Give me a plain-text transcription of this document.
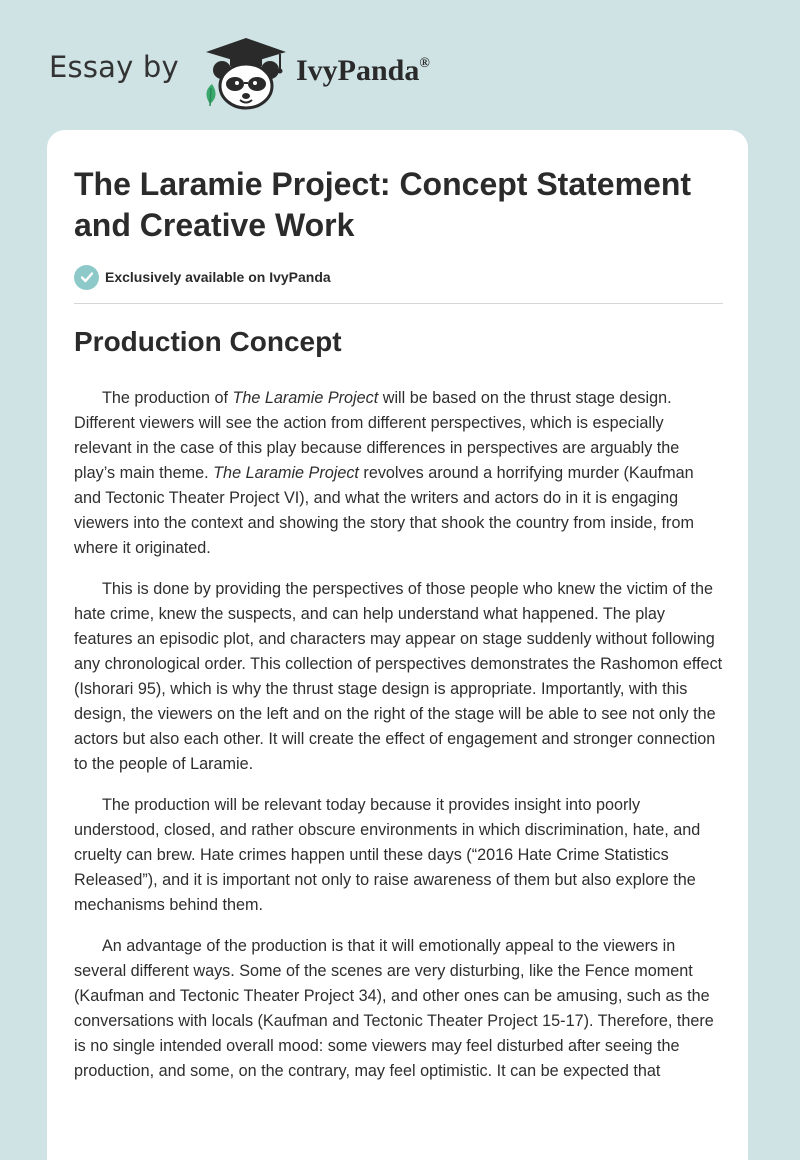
Essay by	IvyPanda®
The Laramie Project: Concept Statement and Creative Work
Exclusively available on IvyPanda
Production Concept

The production of The Laramie Project will be based on the thrust stage design. Different viewers will see the action from different perspectives, which is especially relevant in the case of this play because differences in perspectives are arguably the play’s main theme. The Laramie Project revolves around a horrifying murder (Kaufman and Tectonic Theater Project VI), and what the writers and actors do in it is engaging viewers into the context and showing the story that shook the country from inside, from where it originated.

This is done by providing the perspectives of those people who knew the victim of the hate crime, knew the suspects, and can help understand what happened. The play features an episodic plot, and characters may appear on stage suddenly without following any chronological order. This collection of perspectives demonstrates the Rashomon effect (Ishorari 95), which is why the thrust stage design is appropriate. Importantly, with this design, the viewers on the left and on the right of the stage will be able to see not only the actors but also each other. It will create the effect of engagement and stronger connection to the people of Laramie.

The production will be relevant today because it provides insight into poorly understood, closed, and rather obscure environments in which discrimination, hate, and cruelty can brew. Hate crimes happen until these days (“2016 Hate Crime Statistics Released”), and it is important not only to raise awareness of them but also explore the mechanisms behind them.

An advantage of the production is that it will emotionally appeal to the viewers in several different ways. Some of the scenes are very disturbing, like the Fence moment (Kaufman and Tectonic Theater Project 34), and other ones can be amusing, such as the conversations with locals (Kaufman and Tectonic Theater Project 15-17). Therefore, there is no single intended overall mood: some viewers may feel disturbed after seeing the production, and some, on the contrary, may feel optimistic. It can be expected that
